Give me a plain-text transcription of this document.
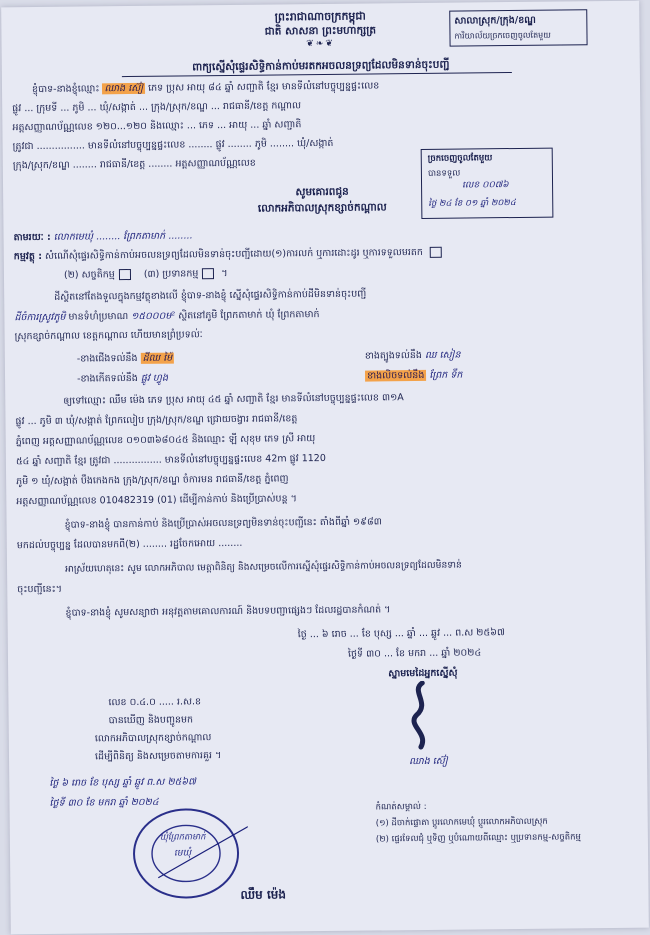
ព្រះរាជាណាចក្រកម្ពុជា
ជាតិ សាសនា ព្រះមហាក្សត្រ
❦❧❦
សាលាស្រុក/ក្រុង/ខណ្ឌ
ការិយាល័យច្រកចេញចូលតែមួយ
ពាក្យស្នើសុំផ្ទេរសិទ្ធិកាន់កាប់មរតកអចលនទ្រព្យដែលមិនទាន់ចុះបញ្ជី
ខ្ញុំបាទ-នាងខ្ញុំឈ្មោះ ឈាង ស៊ៀ ភេទ ប្រុស អាយុ ៨៤ ឆ្នាំ សញ្ជាតិ ខ្មែរ មានទីលំនៅបច្ចុប្បន្នផ្ទះលេខ
ផ្លូវ ... ក្រុមទី ... ភូមិ ... ឃុំ/សង្កាត់ ... ក្រុង/ស្រុក/ខណ្ឌ ... រាជធានី/ខេត្ត កណ្ដាល
អត្តសញ្ញាណប័ណ្ណលេខ ១២០...១២០ និងឈ្មោះ ... ភេទ ... អាយុ ... ឆ្នាំ សញ្ជាតិ
ត្រូវជា ................ មានទីលំនៅបច្ចុប្បន្នផ្ទះលេខ ........ ផ្លូវ ........ ភូមិ ........ ឃុំ/សង្កាត់
ក្រុង/ស្រុក/ខណ្ឌ ........ រាជធានី/ខេត្ត ........ អត្តសញ្ញាណប័ណ្ណលេខ	ច្រកចេញចូលតែមួយ
បានទទួល
លេខ ០០៧៦
ថ្ងៃ ២៤ ខែ ០១ ឆ្នាំ ២០២៤
សូមគោរពជូន
លោកអភិបាលស្រុកខ្សាច់កណ្ដាល
តាមរយៈ : លោកមេឃុំ ........ ព្រែកតាមាក់ ........
កម្មវត្ថុ : សំណើសុំផ្ទេរសិទ្ធិកាន់កាប់អចលនទ្រព្យដែលមិនទាន់ចុះបញ្ជីដោយ(១)ការលក់ ឬការដោះដូរ ឬការទទួលមរតក
(២) សច្ចតិកម្ម	(៣) ប្រទានកម្ម ។
ដីស្ថិតនៅតែងទួលក្នុងកម្មវត្ថុខាងលើ ខ្ញុំបាទ-នាងខ្ញុំ ស្នើសុំផ្ទេរសិទ្ធិកាន់កាប់ដីមិនទាន់ចុះបញ្ជី
ដីចំការស្រូវភូមិ មានទំហំប្រមាណ ១៥០០០ម² ស្ថិតនៅភូមិ ព្រែកតាមាក់ ឃុំ ព្រែកតាមាក់
ស្រុកខ្សាច់កណ្ដាល ខេត្តកណ្ដាល ហើយមានព្រំប្រទល់ៈ
-ខាងជើងទល់នឹង ដីឈ ម៉ៃ	ខាងត្បូងទល់នឹង ឈ សៀន
-ខាងកើតទល់នឹង ផ្លូវ ហ្វូង	ខាងលិចទល់នឹង ព្រែក ទឹក
ឲ្យទៅឈ្មោះ ឈឹម ម៉េង ភេទ ប្រុស អាយុ ៤៥ ឆ្នាំ សញ្ជាតិ ខ្មែរ មានទីលំនៅបច្ចុប្បន្នផ្ទះលេខ ៣១A
ផ្លូវ ... ភូមិ ៣ ឃុំ/សង្កាត់ ព្រែកលៀប ក្រុង/ស្រុក/ខណ្ឌ ជ្រោយចង្វារ រាជធានី/ខេត្ត
ភ្នំពេញ អត្តសញ្ញាណប័ណ្ណលេខ ០១០៣៦៨០៤៥ និងឈ្មោះ ឡី សុខុម ភេទ ស្រី អាយុ
៥៤ ឆ្នាំ សញ្ជាតិ ខ្មែរ ត្រូវជា ................ មានទីលំនៅបច្ចុប្បន្នផ្ទះលេខ 42m ផ្លូវ 1120
ភូមិ ១ ឃុំ/សង្កាត់ បឹងកេងកង ក្រុង/ស្រុក/ខណ្ឌ ចំការមន រាជធានី/ខេត្ត ភ្នំពេញ
អត្តសញ្ញាណប័ណ្ណលេខ 010482319 (01) ដើម្បីកាន់កាប់ និងប្រើប្រាស់បន្ត ។
ខ្ញុំបាទ-នាងខ្ញុំ បានកាន់កាប់ និងប្រើប្រាស់អចលនទ្រព្យមិនទាន់ចុះបញ្ជីនេះ តាំងពីឆ្នាំ ១៩៨៣
មកដល់បច្ចុប្បន្ន ដែលបានមកពី(២) ........ រដ្ឋចែកអោយ ........
អាស្រ័យហេតុនេះ សូម លោកអភិបាល មេត្តាពិនិត្យ និងសម្រេចលើការស្នើសុំផ្ទេរសិទ្ធិកាន់កាប់អចលនទ្រព្យដែលមិនទាន់
ចុះបញ្ជីនេះ។
ខ្ញុំបាទ-នាងខ្ញុំ សូមសន្យាថា អនុវត្តតាមគោលការណ៍ និងបទបញ្ជាផ្សេងៗ ដែលរដ្ឋបានកំណត់ ។
ថ្ងៃ ... ៦ រោច ... ខែ បុស្ស ... ឆ្នាំ ... ឆ្លូវ ... ព.ស ២៥៦៧
ថ្ងៃទី ៣០ ... ខែ មករា ... ឆ្នាំ ២០២៤
ស្នាមមេដៃអ្នកស្នើសុំ
ឈាង ស៊ៀ
លេខ ០.៤.០ ..... រ.ស.ខ
បានឃើញ និងបញ្ជូនមក
លោកអភិបាលស្រុកខ្សាច់កណ្ដាល
ដើម្បីពិនិត្យ និងសម្រេចតាមការគួរ ។
ថ្ងៃ ៦ រោច ខែ បុស្ស ឆ្នាំ ឆ្លូវ ព.ស ២៥៦៧
ថ្ងៃទី ៣០ ខែ មករា ឆ្នាំ ២០២៤
ឃុំព្រែកតាមាក់
មេឃុំ
ឈឹម ម៉េង
កំណត់សម្គាល់ :
(១) ដីចាក់ផ្ទោតា ប្តូរលោកមេឃុំ ប្តូរលោកអភិបាលស្រុក
(២) ផ្ទេរទែលជុំ ឬទិញ ឬបំណោយពីឈ្មោះ ឬប្រទានកម្ម-សច្ចតិកម្ម
